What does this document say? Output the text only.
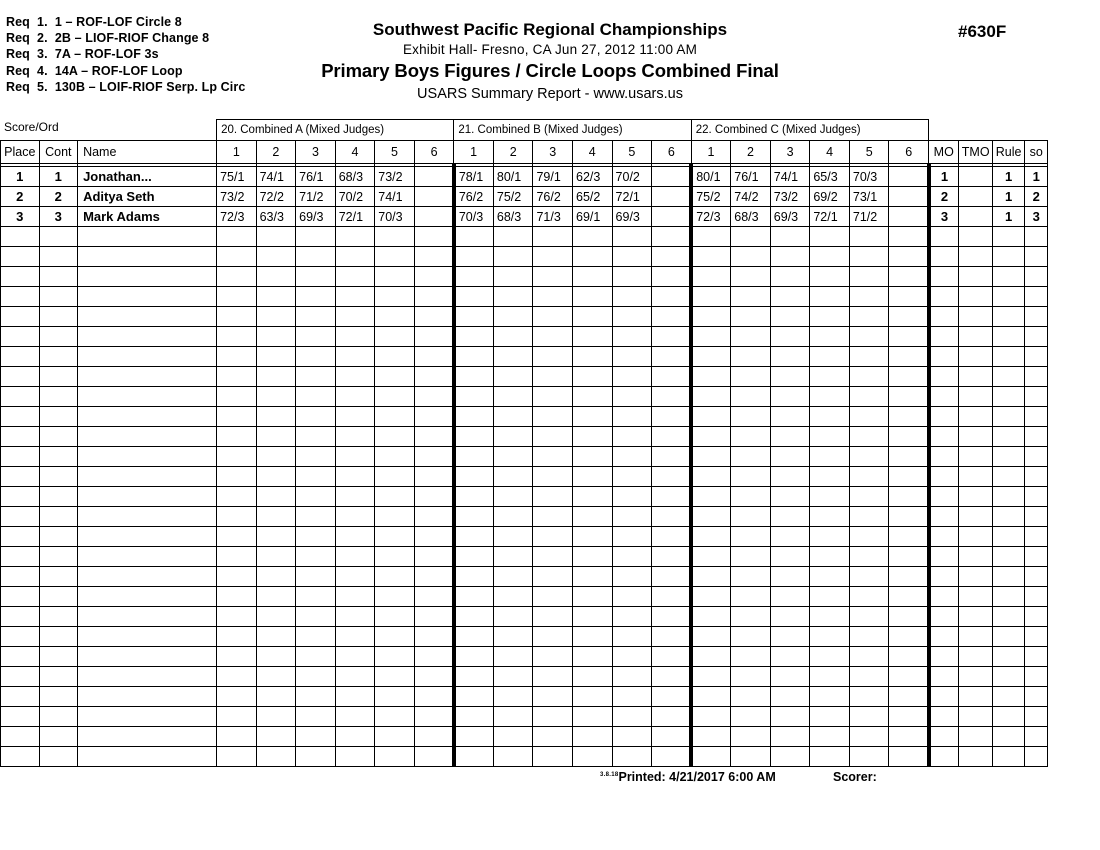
Req  1.  1 – ROF-LOF Circle 8
Req  2.  2B – LIOF-RIOF Change 8
Req  3.  7A – ROF-LOF 3s
Req  4.  14A – ROF-LOF Loop
Req  5.  130B – LOIF-RIOF Serp. Lp Circ
Southwest Pacific Regional Championships
Exhibit Hall- Fresno, CA Jun 27, 2012 11:00 AM
Primary Boys Figures / Circle Loops Combined Final
USARS Summary Report - www.usars.us
#630F
Score/Ord
			20. Combined A (Mixed Judges)						21. Combined B (Mixed Judges)						22. Combined C (Mixed Judges)									
Place	Cont	Name	1	2	3	4	5	6	1	2	3	4	5	6	1	2	3	4	5	6	MO	TMO	Rule	so

1	1	Jonathan...	75/1	74/1	76/1	68/3	73/2		78/1	80/1	79/1	62/3	70/2		80/1	76/1	74/1	65/3	70/3		1		1	1
2	2	Aditya Seth	73/2	72/2	71/2	70/2	74/1		76/2	75/2	76/2	65/2	72/1		75/2	74/2	73/2	69/2	73/1		2		1	2
3	3	Mark Adams	72/3	63/3	69/3	72/1	70/3		70/3	68/3	71/3	69/1	69/3		72/3	68/3	69/3	72/1	71/2		3		1	3

$^{3.8.18}$Printed: 4/21/2017 6:00 AM	Scorer:
